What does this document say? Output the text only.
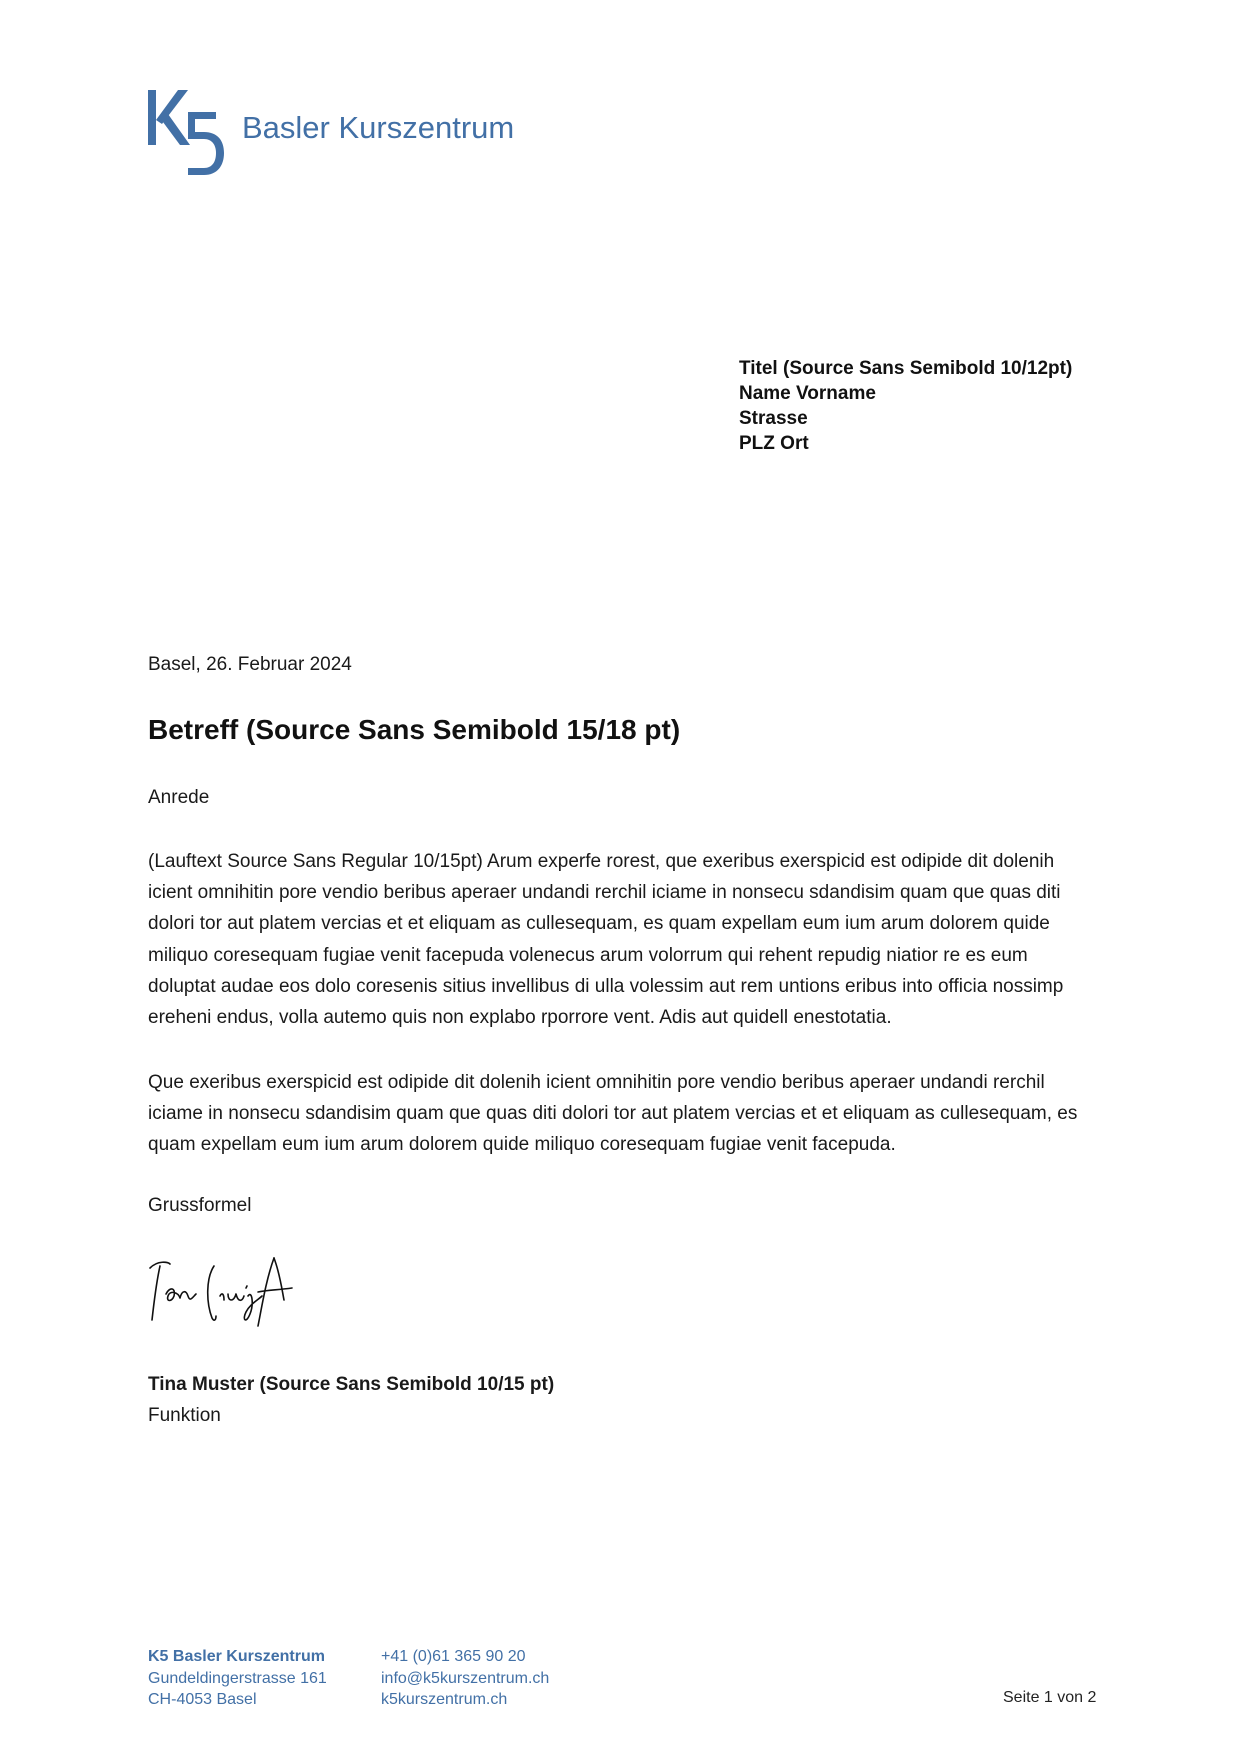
Basler Kurszentrum
Titel (Source Sans Semibold 10/12pt)
Name Vorname
Strasse
PLZ Ort
Basel, 26. Februar 2024
Betreff (Source Sans Semibold 15/18 pt)
Anrede

(Lauftext Source Sans Regular 10/15pt) Arum experfe rorest, que exeribus exerspicid est odipide dit dolenih icient omnihitin pore vendio beribus aperaer undandi rerchil iciame in nonsecu sdandisim quam que quas diti dolori tor aut platem vercias et et eliquam as cullesequam, es quam expellam eum ium arum dolorem quide miliquo coresequam fugiae venit facepuda volenecus arum volorrum qui rehent repudig niatior re es eum doluptat audae eos dolo coresenis sitius invellibus di ulla volessim aut rem untions eribus into officia nossimp ereheni endus, volla autemo quis non explabo rporrore vent. Adis aut quidell enestotatia.

Que exeribus exerspicid est odipide dit dolenih icient omnihitin pore vendio beribus aperaer undandi rerchil iciame in nonsecu sdandisim quam que quas diti dolori tor aut platem vercias et et eliquam as cullesequam, es quam expellam eum ium arum dolorem quide miliquo coresequam fugiae venit facepuda.

Grussformel
Tina Muster (Source Sans Semibold 10/15 pt)
Funktion
K5 Basler Kurszentrum
Gundeldingerstrasse 161
CH-4053 Basel
+41 (0)61 365 90 20
info@k5kurszentrum.ch
k5kurszentrum.ch	Seite 1 von 2
